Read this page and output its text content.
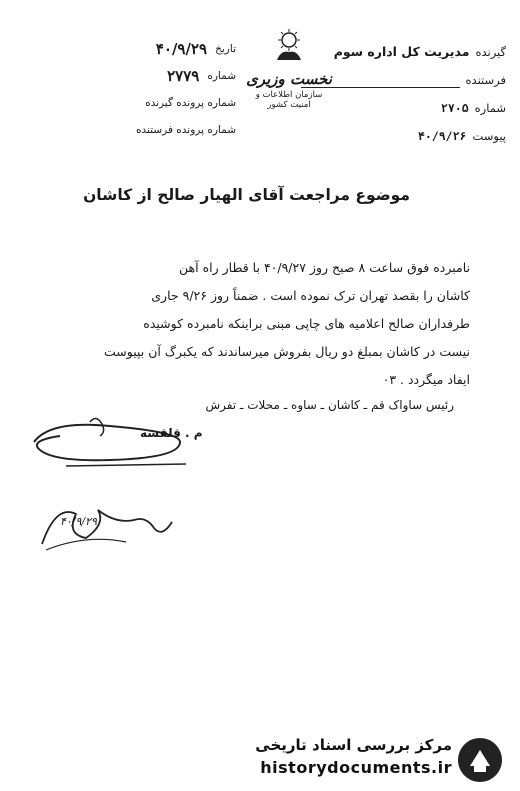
گیرنده
مدیریت کل اداره سوم
فرستنده
شماره
۲۷۰۵
پیوست
۴۰/۹/۲۶
نخست وزیری
سازمان اطلاعات و امنیت کشور
تاریخ
۴۰/۹/۲۹
شماره
۲۷۷۹
شماره پرونده گیرنده
شماره پرونده فرستنده
موضوع مراجعت آقای الهیار صالح از کاشان

نامبرده فوق ساعت ۸ صبح روز ۴۰/۹/۲۷ با قطار راه آهن

کاشان را بقصد تهران ترک نموده است . ضمناً روز ۹/۲۶ جاری

طرفداران صالح اعلامیه های چاپی مبنی براینکه نامبرده کوشیده

نیست در کاشان بمبلغ دو ریال بفروش میرساندند که یکبرگ آن بپیوست

ایفاد میگردد . ۰۳

رئیس ساواک قم ـ کاشان ـ ساوه ـ محلات ـ تفرش
م . قلقسه
۴۰/۹/۲۹
مرکز بررسی اسناد تاریخی
historydocuments.ir
